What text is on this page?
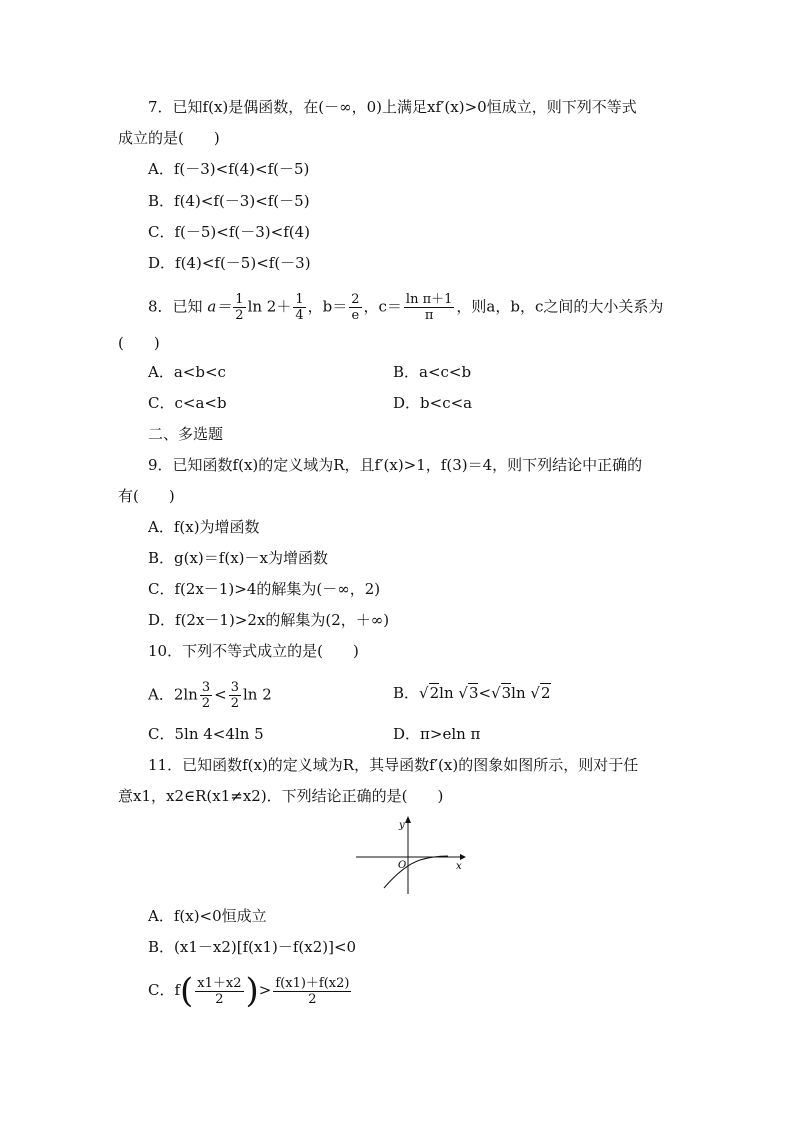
7．已知f(x)是偶函数，在(－∞，0)上满足xf′(x)>0恒成立，则下列不等式
成立的是(　　)
A．f(－3)<f(4)<f(－5)
B．f(4)<f(－3)<f(－5)
C．f(－5)<f(－3)<f(4)
D．f(4)<f(－5)<f(－3)
8．已知 $a= \frac{1}{2}$ $\ln 2+ \frac{1}{4}$ ，$b= \frac{2}{e}$ ，$c= \frac{\text{ln π＋1}}{\pi}$ ，则a，b，c之间的大小关系为
(　　)
A．a<b<c	B．a<c<b
C．c<a<b	D．b<c<a
二、多选题
9．已知函数f(x)的定义域为R，且f′(x)>1，f(3)＝4，则下列结论中正确的
有(　　)
A．f(x)为增函数
B．g(x)＝f(x)－x为增函数
C．f(2x－1)>4的解集为(－∞，2)
D．f(2x－1)>2x的解集为(2，＋∞)
10．下列不等式成立的是(　　)
A．$2\ln \frac{3}{2} < \frac{3}{2}$ ln 2	B．√2ln √3<√3ln √2
C．5ln 4<4ln 5	D．π>eln π
11．已知函数f(x)的定义域为R，其导函数f′(x)的图象如图所示，则对于任
意x1，x2∈R(x1≠x2)．下列结论正确的是(　　)
y
x
O
A．f(x)<0恒成立
B．(x1－x2)[f(x1)－f(x2)]<0
C．$f( \frac{x1+x2}{2}$ )> $\frac{f(x1)+f(x2)}{2}$
